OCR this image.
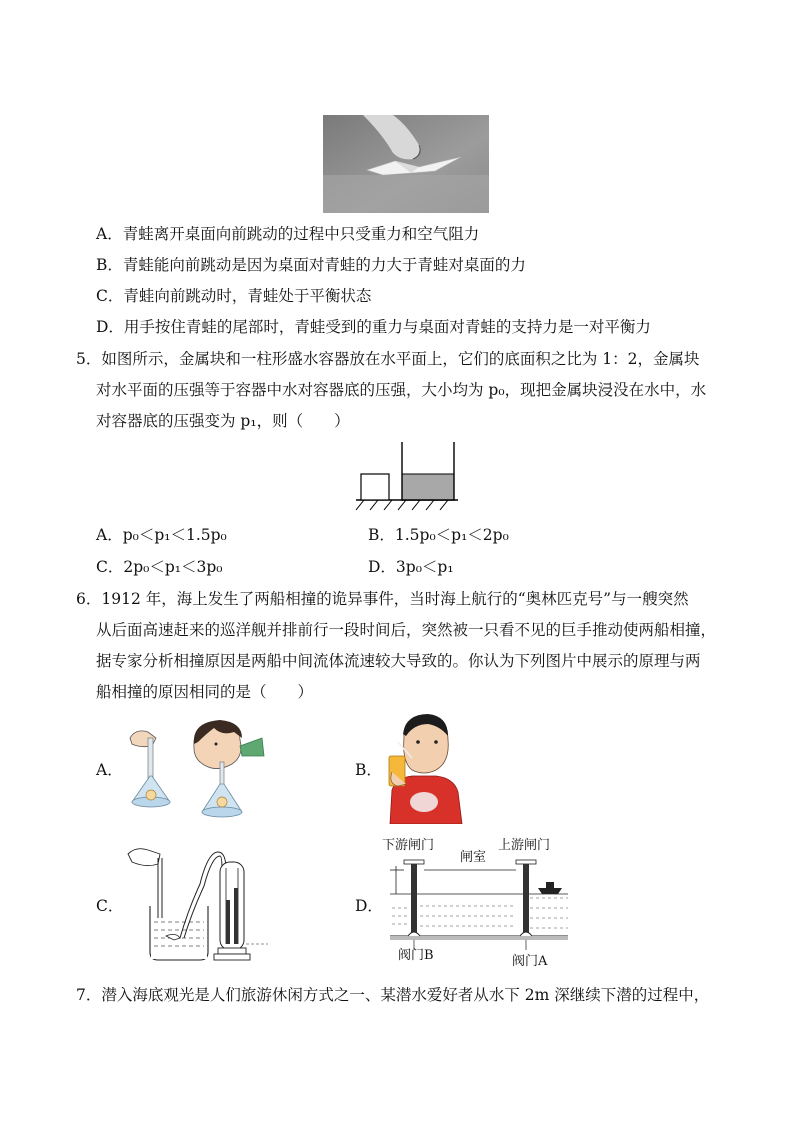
A．青蛙离开桌面向前跳动的过程中只受重力和空气阻力
B．青蛙能向前跳动是因为桌面对青蛙的力大于青蛙对桌面的力
C．青蛙向前跳动时，青蛙处于平衡状态
D．用手按住青蛙的尾部时，青蛙受到的重力与桌面对青蛙的支持力是一对平衡力
5．如图所示，金属块和一柱形盛水容器放在水平面上，它们的底面积之比为 1：2，金属块
对水平面的压强等于容器中水对容器底的压强，大小均为 p₀，现把金属块浸没在水中，水
对容器底的压强变为 p₁，则（　　）
A．p₀＜p₁＜1.5p₀	B．1.5p₀＜p₁＜2p₀
C．2p₀＜p₁＜3p₀	D．3p₀＜p₁
6．1912 年，海上发生了两船相撞的诡异事件，当时海上航行的“奥林匹克号”与一艘突然
从后面高速赶来的巡洋舰并排前行一段时间后，突然被一只看不见的巨手推动使两船相撞，
据专家分析相撞原因是两船中间流体流速较大导致的。你认为下列图片中展示的原理与两
船相撞的原因相同的是（　　）
A．	B．
C．	D．
下游闸门
闸室
上游闸门
阀门B	阀门A
7．潜入海底观光是人们旅游休闲方式之一、某潜水爱好者从水下 2m 深继续下潜的过程中，
